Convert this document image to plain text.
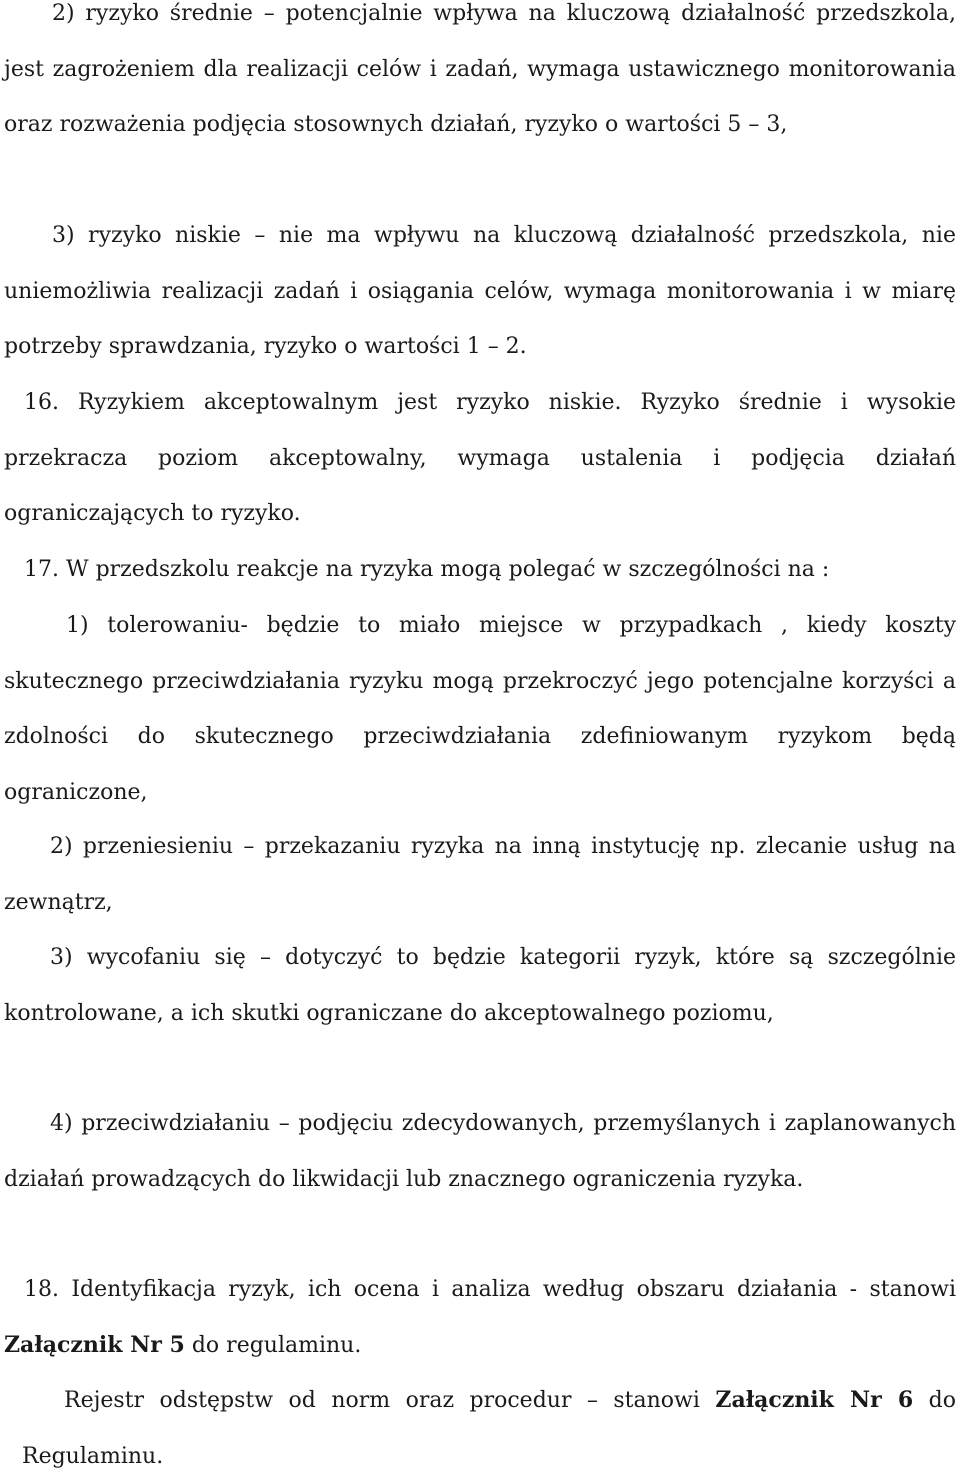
2) ryzyko średnie – potencjalnie wpływa na kluczową działalność przedszkola, jest zagrożeniem dla realizacji celów i zadań, wymaga ustawicznego monitorowania oraz rozważenia podjęcia stosownych działań, ryzyko o wartości 5 – 3,

3) ryzyko niskie – nie ma wpływu na kluczową działalność przedszkola, nie uniemożliwia realizacji zadań i osiągania celów, wymaga monitorowania i w miarę potrzeby sprawdzania, ryzyko o wartości 1 – 2.

16. Ryzykiem akceptowalnym jest ryzyko niskie. Ryzyko średnie i wysokie przekracza poziom akceptowalny, wymaga ustalenia i podjęcia działań ograniczających to ryzyko.

17. W przedszkolu reakcje na ryzyka mogą polegać w szczególności na :

1) tolerowaniu- będzie to miało miejsce w przypadkach , kiedy koszty skutecznego przeciwdziałania ryzyku mogą przekroczyć jego potencjalne korzyści a zdolności do skutecznego przeciwdziałania zdefiniowanym ryzykom będą ograniczone,

2) przeniesieniu – przekazaniu ryzyka na inną instytucję np. zlecanie usług na zewnątrz,

3) wycofaniu się – dotyczyć to będzie kategorii ryzyk, które są szczególnie kontrolowane, a ich skutki ograniczane do akceptowalnego poziomu,

4) przeciwdziałaniu – podjęciu zdecydowanych, przemyślanych i zaplanowanych działań prowadzących do likwidacji lub znacznego ograniczenia ryzyka.

18. Identyfikacja ryzyk, ich ocena i analiza według obszaru działania - stanowi Załącznik Nr 5 do regulaminu.

Rejestr odstępstw od norm oraz procedur – stanowi Załącznik Nr 6 do Regulaminu.
